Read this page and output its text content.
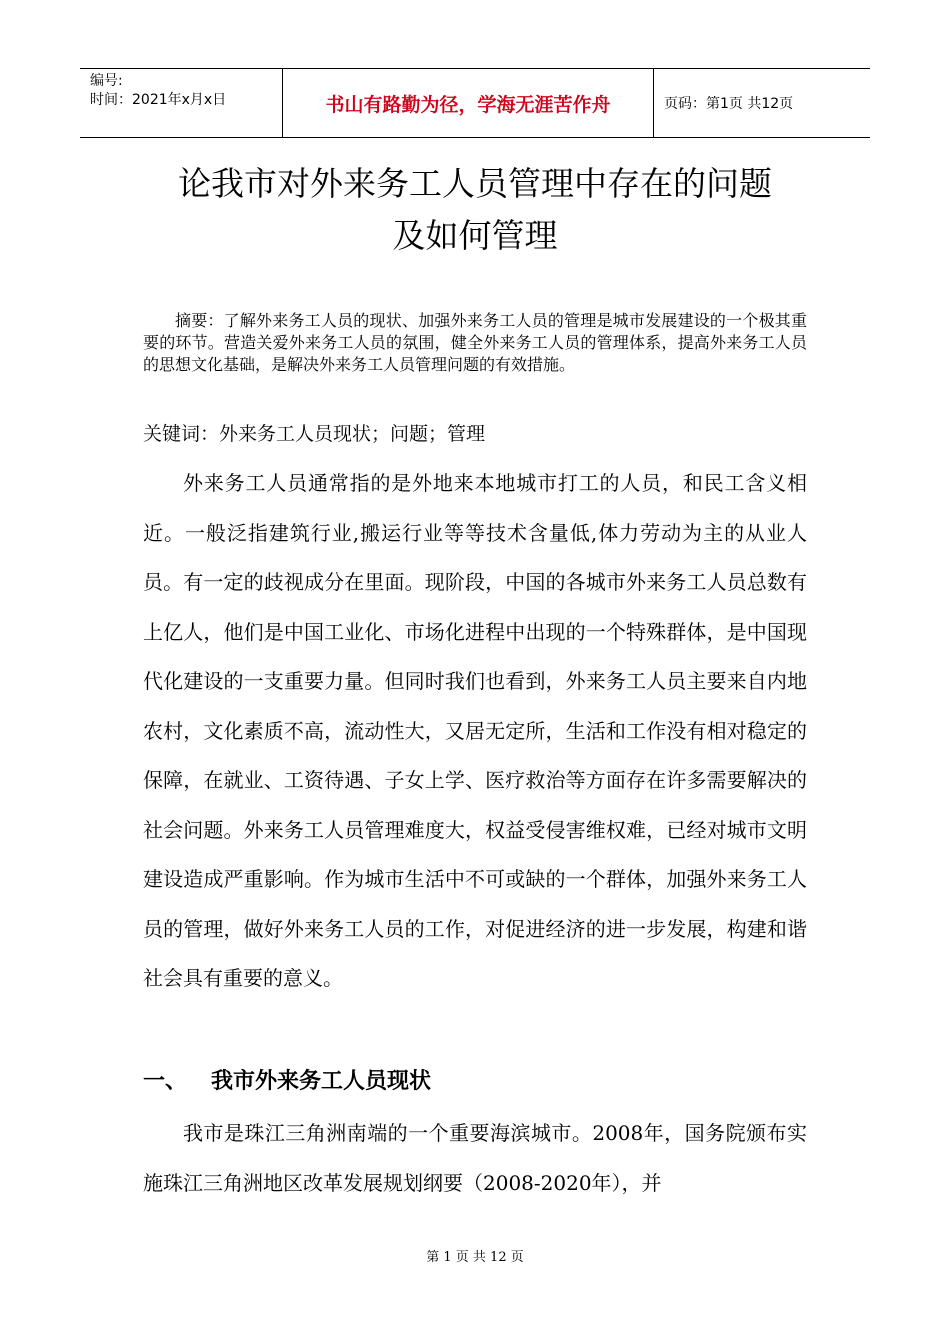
编号:
时间：2021年x月x日	书山有路勤为径，学海无涯苦作舟	页码：第1页 共12页
论我市对外来务工人员管理中存在的问题
及如何管理
摘要：了解外来务工人员的现状、加强外来务工人员的管理是城市发展建设的一个极其重要的环节。营造关爱外来务工人员的氛围，健全外来务工人员的管理体系，提高外来务工人员的思想文化基础，是解决外来务工人员管理问题的有效措施。
关键词：外来务工人员现状；问题；管理

外来务工人员通常指的是外地来本地城市打工的人员，和民工含义相近。一般泛指建筑行业,搬运行业等等技术含量低,体力劳动为主的从业人员。有一定的歧视成分在里面。现阶段，中国的各城市外来务工人员总数有上亿人，他们是中国工业化、市场化进程中出现的一个特殊群体，是中国现代化建设的一支重要力量。但同时我们也看到，外来务工人员主要来自内地农村，文化素质不高，流动性大，又居无定所，生活和工作没有相对稳定的保障，在就业、工资待遇、子女上学、医疗救治等方面存在许多需要解决的社会问题。外来务工人员管理难度大，权益受侵害维权难，已经对城市文明建设造成严重影响。作为城市生活中不可或缺的一个群体，加强外来务工人员的管理，做好外来务工人员的工作，对促进经济的进一步发展，构建和谐社会具有重要的意义。

一、 我市外来务工人员现状

我市是珠江三角洲南端的一个重要海滨城市。2008年，国务院颁布实施珠江三角洲地区改革发展规划纲要（2008-2020年），并

第 1 页 共 12 页
